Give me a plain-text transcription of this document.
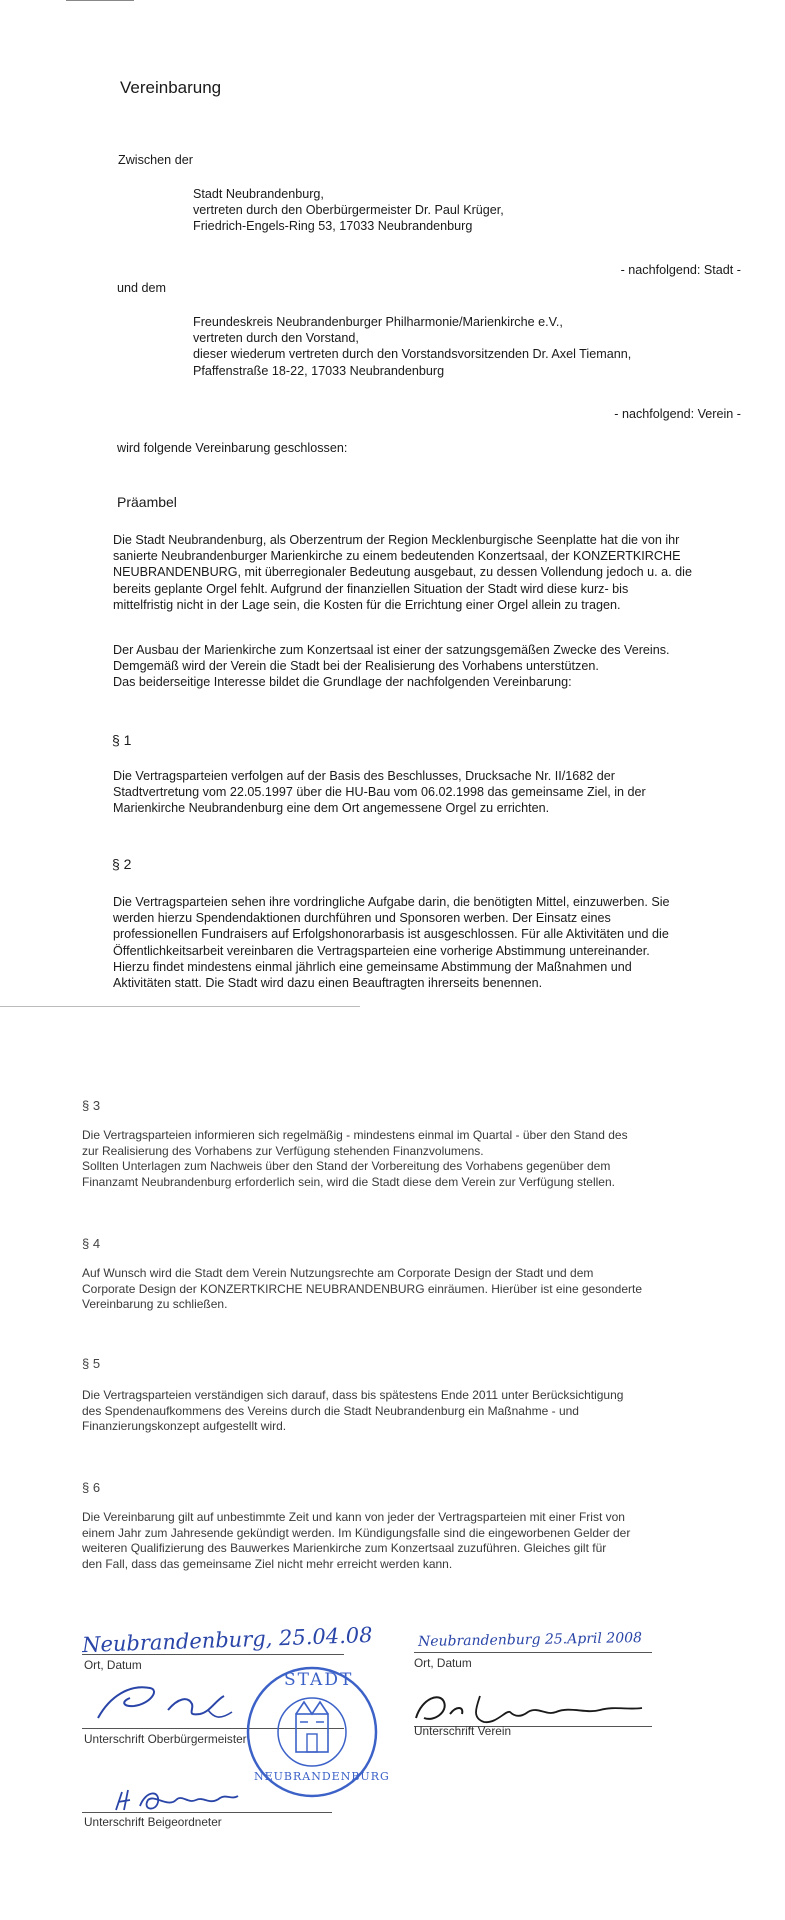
Vereinbarung
Zwischen der
Stadt Neubrandenburg,
vertreten durch den Oberbürgermeister Dr. Paul Krüger,
Friedrich-Engels-Ring 53, 17033 Neubrandenburg
- nachfolgend: Stadt -
und dem
Freundeskreis Neubrandenburger Philharmonie/Marienkirche e.V.,
vertreten durch den Vorstand,
dieser wiederum vertreten durch den Vorstandsvorsitzenden Dr. Axel Tiemann,
Pfaffenstraße 18-22, 17033 Neubrandenburg
- nachfolgend: Verein -
wird folgende Vereinbarung geschlossen:
Präambel
Die Stadt Neubrandenburg, als Oberzentrum der Region Mecklenburgische Seenplatte hat die von ihr
sanierte Neubrandenburger Marienkirche zu einem bedeutenden Konzertsaal, der KONZERTKIRCHE
NEUBRANDENBURG, mit überregionaler Bedeutung ausgebaut, zu dessen Vollendung jedoch u. a. die
bereits geplante Orgel fehlt. Aufgrund der finanziellen Situation der Stadt wird diese kurz- bis
mittelfristig nicht in der Lage sein, die Kosten für die Errichtung einer Orgel allein zu tragen.
Der Ausbau der Marienkirche zum Konzertsaal ist einer der satzungsgemäßen Zwecke des Vereins.
Demgemäß wird der Verein die Stadt bei der Realisierung des Vorhabens unterstützen.
Das beiderseitige Interesse bildet die Grundlage der nachfolgenden Vereinbarung:
§ 1
Die Vertragsparteien verfolgen auf der Basis des Beschlusses, Drucksache Nr. II/1682 der
Stadtvertretung vom 22.05.1997 über die HU-Bau vom 06.02.1998 das gemeinsame Ziel, in der
Marienkirche Neubrandenburg eine dem Ort angemessene Orgel zu errichten.
§ 2
Die Vertragsparteien sehen ihre vordringliche Aufgabe darin, die benötigten Mittel, einzuwerben. Sie
werden hierzu Spendendaktionen durchführen und Sponsoren werben. Der Einsatz eines
professionellen Fundraisers auf Erfolgshonorarbasis ist ausgeschlossen. Für alle Aktivitäten und die
Öffentlichkeitsarbeit vereinbaren die Vertragsparteien eine vorherige Abstimmung untereinander.
Hierzu findet mindestens einmal jährlich eine gemeinsame Abstimmung der Maßnahmen und
Aktivitäten statt. Die Stadt wird dazu einen Beauftragten ihrerseits benennen.
§ 3
Die Vertragsparteien informieren sich regelmäßig - mindestens einmal im Quartal - über den Stand des
zur Realisierung des Vorhabens zur Verfügung stehenden Finanzvolumens.
Sollten Unterlagen zum Nachweis über den Stand der Vorbereitung des Vorhabens gegenüber dem
Finanzamt Neubrandenburg erforderlich sein, wird die Stadt diese dem Verein zur Verfügung stellen.
§ 4
Auf Wunsch wird die Stadt dem Verein Nutzungsrechte am Corporate Design der Stadt und dem
Corporate Design der KONZERTKIRCHE NEUBRANDENBURG einräumen. Hierüber ist eine gesonderte
Vereinbarung zu schließen.
§ 5
Die Vertragsparteien verständigen sich darauf, dass bis spätestens Ende 2011 unter Berücksichtigung
des Spendenaufkommens des Vereins durch die Stadt Neubrandenburg ein Maßnahme - und
Finanzierungskonzept aufgestellt wird.
§ 6
Die Vereinbarung gilt auf unbestimmte Zeit und kann von jeder der Vertragsparteien mit einer Frist von
einem Jahr zum Jahresende gekündigt werden. Im Kündigungsfalle sind die eingeworbenen Gelder der
weiteren Qualifizierung des Bauwerkes Marienkirche zum Konzertsaal zuzuführen. Gleiches gilt für
den Fall, dass das gemeinsame Ziel nicht mehr erreicht werden kann.
Neubrandenburg, 25.04.08
Ort, Datum
Neubrandenburg 25.April 2008
Ort, Datum
Unterschrift Oberbürgermeister
Unterschrift Verein
STADT
NEUBRANDENBURG
Unterschrift Beigeordneter
